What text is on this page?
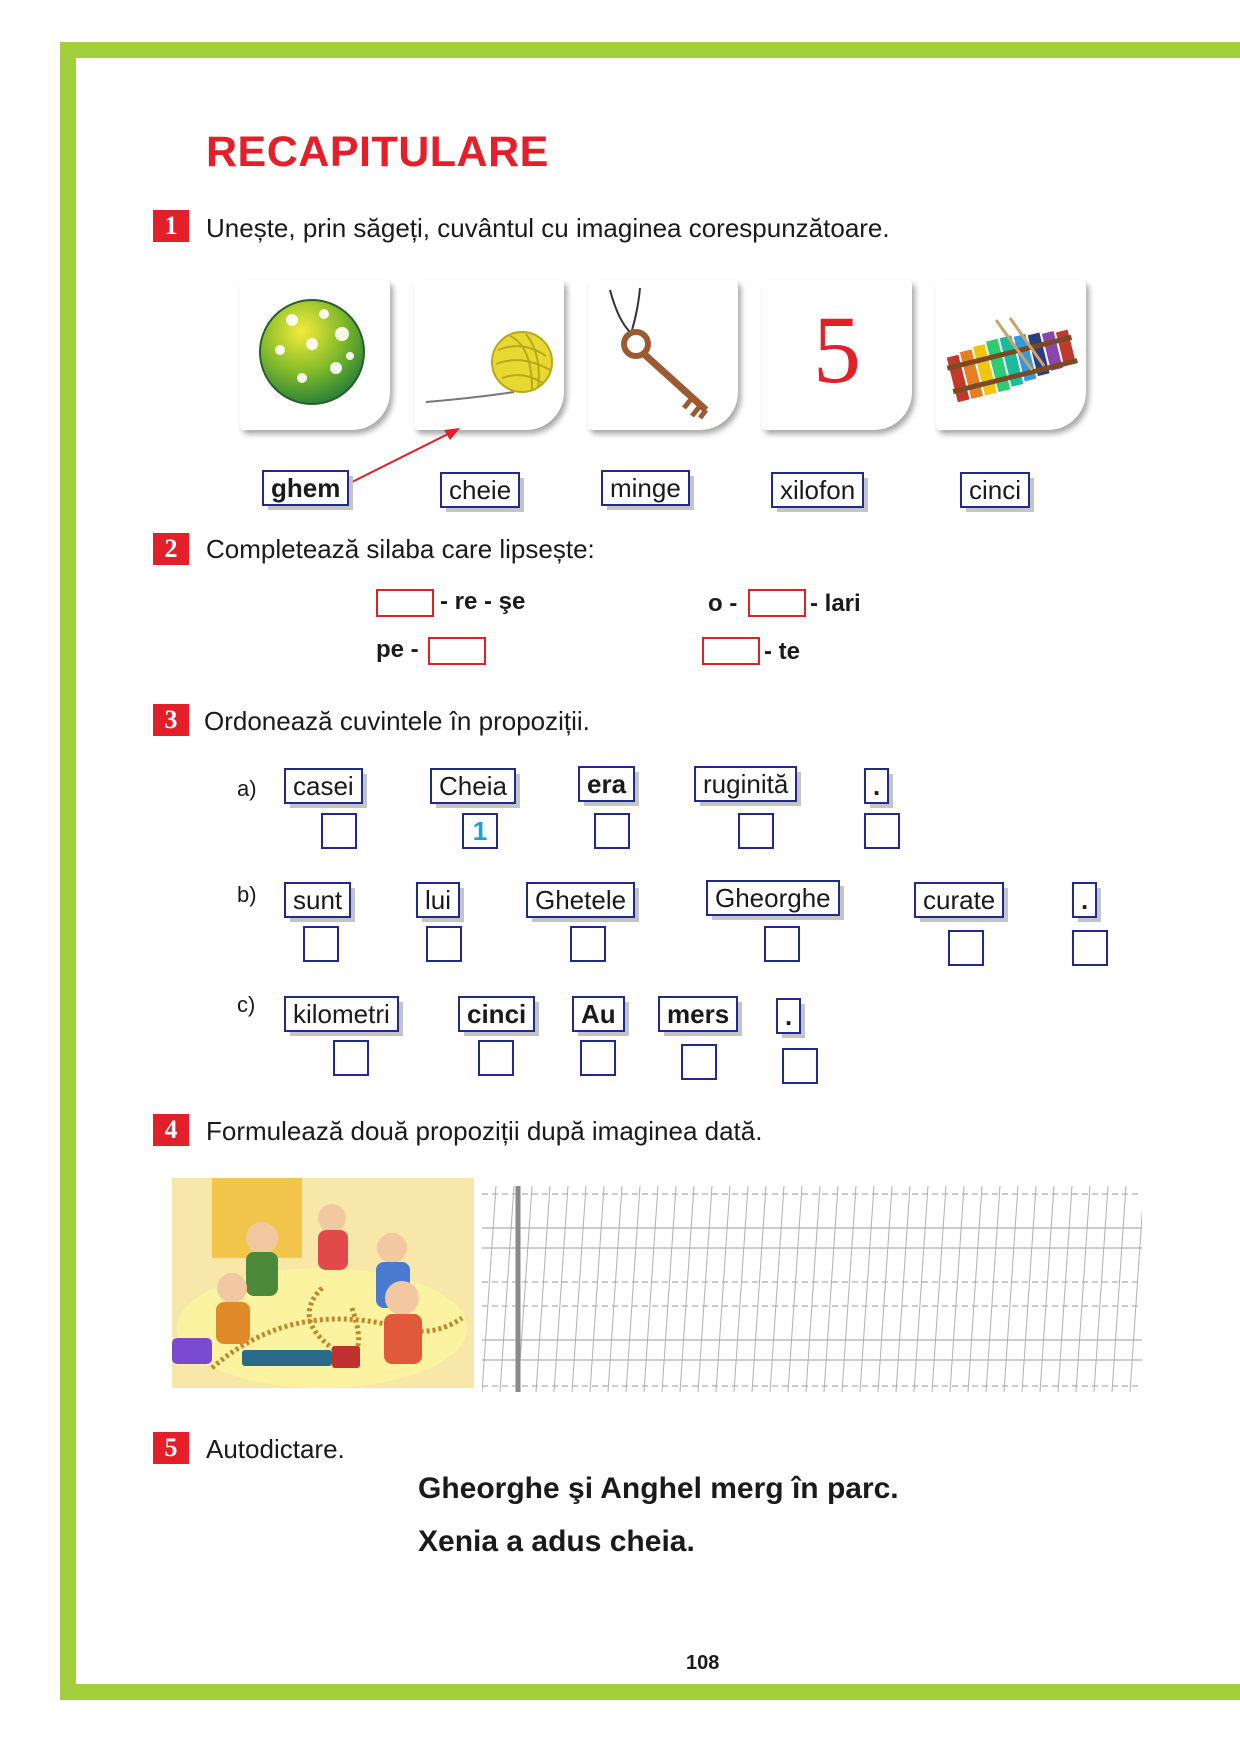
RECAPITULARE
1	Unește, prin săgeți, cuvântul cu imaginea corespunzătoare.
5
ghem	cheie	minge	xilofon	cinci
2	Completează silaba care lipsește:
- re - şe	o -	- lari
pe -	- te
3	Ordonează cuvintele în propoziții.
a)	casei	Cheia	era	ruginită	.
1
b)	sunt	lui	Ghetele	Gheorghe	curate	.
c)	kilometri	cinci	Au	mers	.
4	Formulează două propoziții după imaginea dată.
5	Autodictare.
Gheorghe şi Anghel merg în parc.
Xenia a adus cheia.
108
